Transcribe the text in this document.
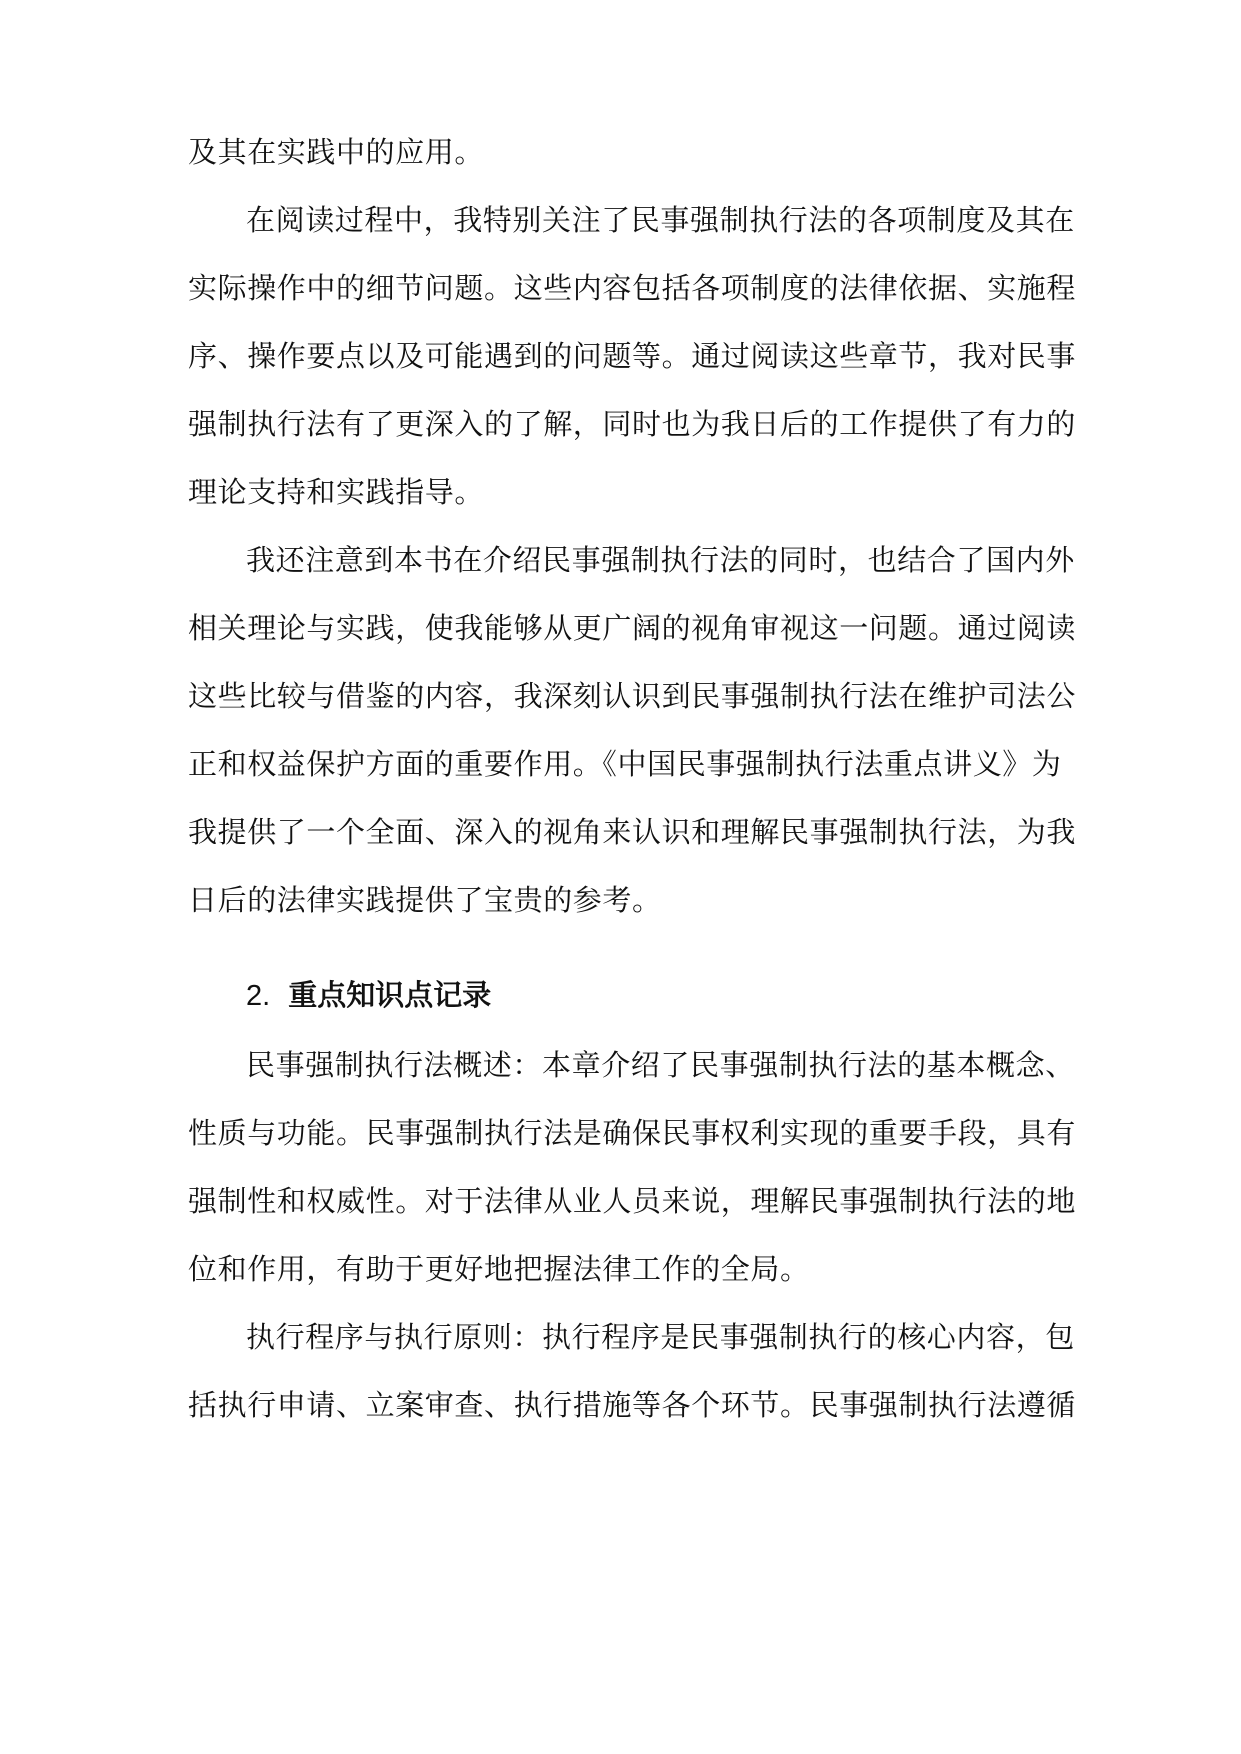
及其在实践中的应用。
在阅读过程中，我特别关注了民事强制执行法的各项制度及其在
实际操作中的细节问题。这些内容包括各项制度的法律依据、实施程
序、操作要点以及可能遇到的问题等。通过阅读这些章节，我对民事
强制执行法有了更深入的了解，同时也为我日后的工作提供了有力的
理论支持和实践指导。
我还注意到本书在介绍民事强制执行法的同时，也结合了国内外
相关理论与实践，使我能够从更广阔的视角审视这一问题。通过阅读
这些比较与借鉴的内容，我深刻认识到民事强制执行法在维护司法公
正和权益保护方面的重要作用。《中国民事强制执行法重点讲义》为
我提供了一个全面、深入的视角来认识和理解民事强制执行法，为我
日后的法律实践提供了宝贵的参考。
2. 重点知识点记录
民事强制执行法概述：本章介绍了民事强制执行法的基本概念、
性质与功能。民事强制执行法是确保民事权利实现的重要手段，具有
强制性和权威性。对于法律从业人员来说，理解民事强制执行法的地
位和作用，有助于更好地把握法律工作的全局。
执行程序与执行原则：执行程序是民事强制执行的核心内容，包
括执行申请、立案审查、执行措施等各个环节。民事强制执行法遵循
